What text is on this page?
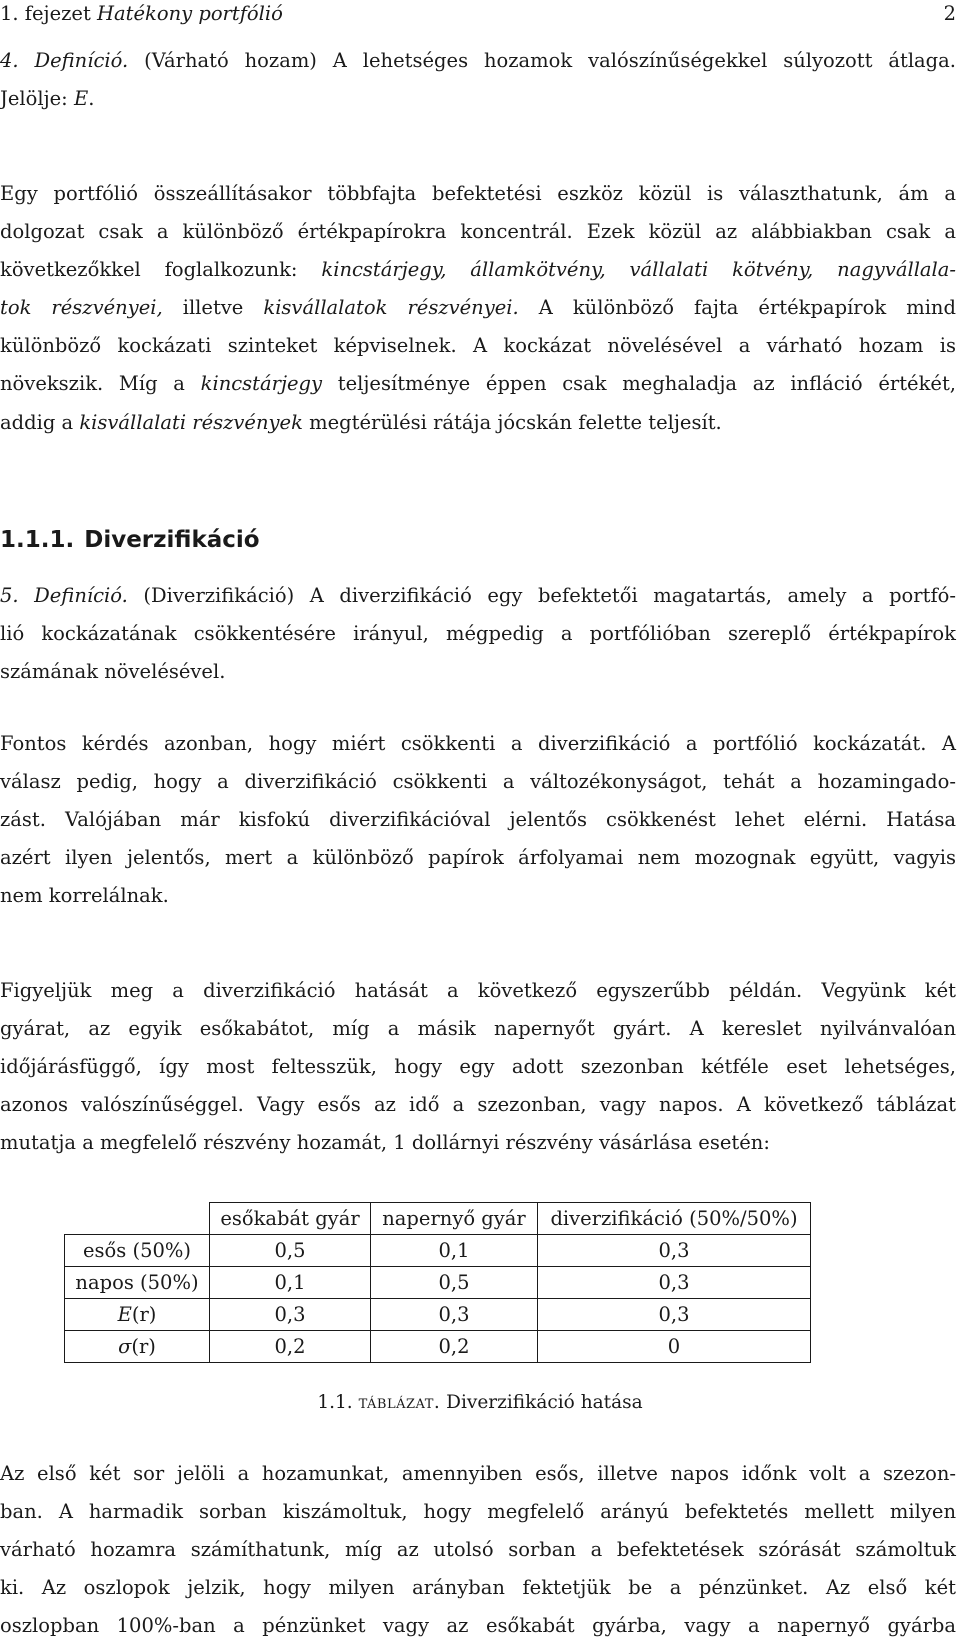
1. fejezet Hatékony portfólió	2
4. Definíció. (Várható hozam) A lehetséges hozamok valószínűségekkel súlyozott átlaga.
Jelölje: E.
Egy portfólió összeállításakor többfajta befektetési eszköz közül is választhatunk, ám a
dolgozat csak a különböző értékpapírokra koncentrál. Ezek közül az alábbiakban csak a
következőkkel foglalkozunk: kincstárjegy, államkötvény, vállalati kötvény, nagyvállala-
tok részvényei, illetve kisvállalatok részvényei. A különböző fajta értékpapírok mind
különböző kockázati szinteket képviselnek. A kockázat növelésével a várható hozam is
növekszik. Míg a kincstárjegy teljesítménye éppen csak meghaladja az infláció értékét,
addig a kisvállalati részvények megtérülési rátája jócskán felette teljesít.
1.1.1. Diverzifikáció
5. Definíció. (Diverzifikáció) A diverzifikáció egy befektetői magatartás, amely a portfó-
lió kockázatának csökkentésére irányul, mégpedig a portfólióban szereplő értékpapírok
számának növelésével.
Fontos kérdés azonban, hogy miért csökkenti a diverzifikáció a portfólió kockázatát. A
válasz pedig, hogy a diverzifikáció csökkenti a változékonyságot, tehát a hozamingado-
zást. Valójában már kisfokú diverzifikációval jelentős csökkenést lehet elérni. Hatása
azért ilyen jelentős, mert a különböző papírok árfolyamai nem mozognak együtt, vagyis
nem korrelálnak.
Figyeljük meg a diverzifikáció hatását a következő egyszerűbb példán. Vegyünk két
gyárat, az egyik esőkabátot, míg a másik napernyőt gyárt. A kereslet nyilvánvalóan
időjárásfüggő, így most feltesszük, hogy egy adott szezonban kétféle eset lehetséges,
azonos valószínűséggel. Vagy esős az idő a szezonban, vagy napos. A következő táblázat
mutatja a megfelelő részvény hozamát, 1 dollárnyi részvény vásárlása esetén:
	esőkabát gyár	napernyő gyár	diverzifikáció (50%/50%)
esős (50%)	0,5	0,1	0,3
napos (50%)	0,1	0,5	0,3
E(r)	0,3	0,3	0,3
σ(r)	0,2	0,2	0
1.1. táblázat. Diverzifikáció hatása
Az első két sor jelöli a hozamunkat, amennyiben esős, illetve napos időnk volt a szezon-
ban. A harmadik sorban kiszámoltuk, hogy megfelelő arányú befektetés mellett milyen
várható hozamra számíthatunk, míg az utolsó sorban a befektetések szórását számoltuk
ki. Az oszlopok jelzik, hogy milyen arányban fektetjük be a pénzünket. Az első két
oszlopban 100%-ban a pénzünket vagy az esőkabát gyárba, vagy a napernyő gyárba
